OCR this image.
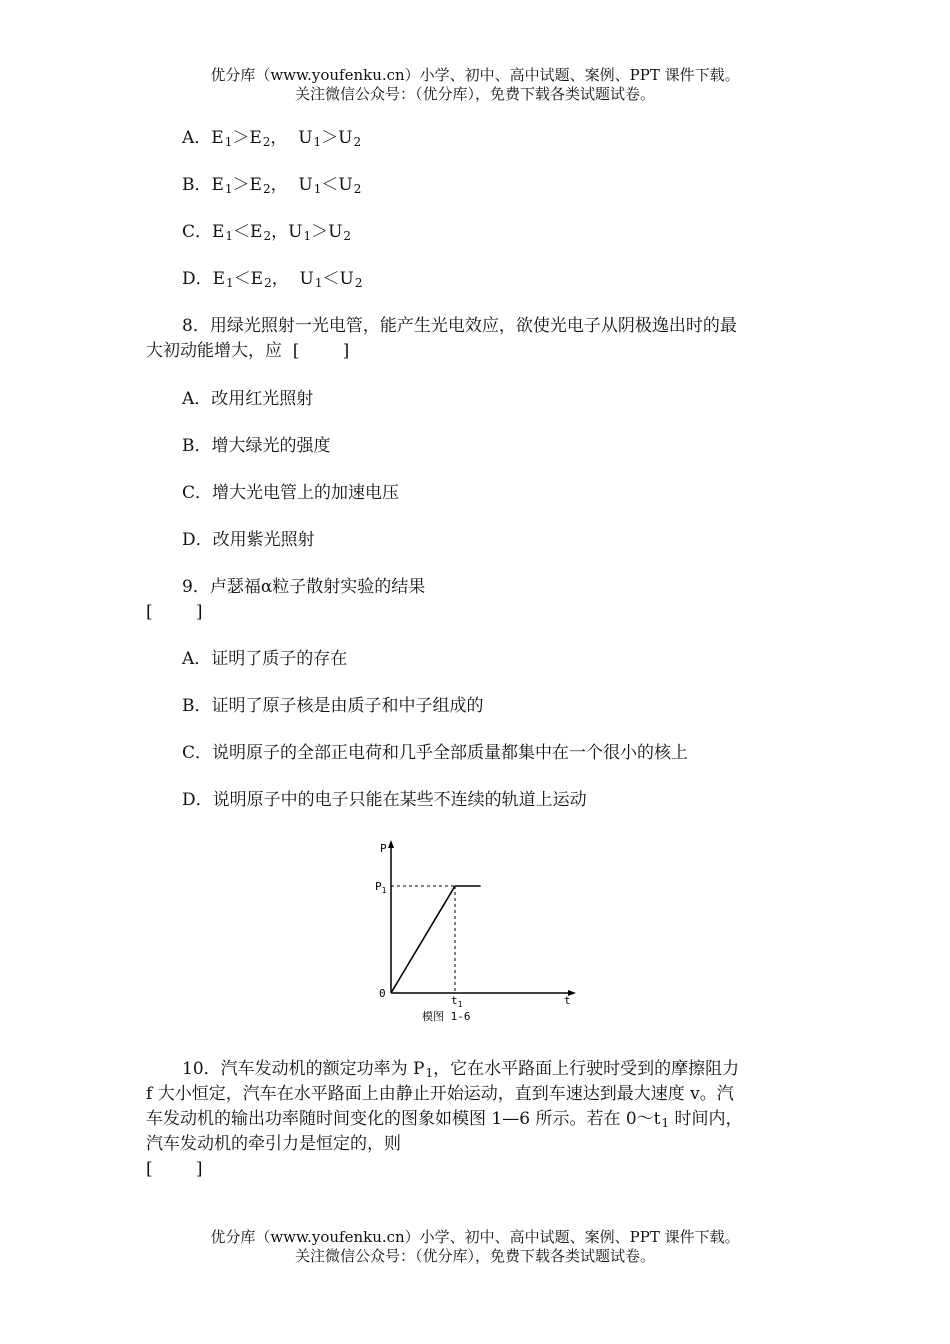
优分库（www.youfenku.cn）小学、初中、高中试题、案例、PPT 课件下载。
关注微信公众号：（优分库），免费下载各类试题试卷。
A．E1＞E2，  U1＞U2
B．E1＞E2，  U1＜U2
C．E1＜E2，U1＞U2
D．E1＜E2，  U1＜U2
8．用绿光照射一光电管，能产生光电效应，欲使光电子从阴极逸出时的最
大初动能增大，应  [        ]
A．改用红光照射
B．增大绿光的强度
C．增大光电管上的加速电压
D．改用紫光照射
9．卢瑟福α粒子散射实验的结果
[        ]
A．证明了质子的存在
B．证明了原子核是由质子和中子组成的
C．说明原子的全部正电荷和几乎全部质量都集中在一个很小的核上
D．说明原子中的电子只能在某些不连续的轨道上运动
P
$P_1$
0
$t_1$	t
模图 1-6
10．汽车发动机的额定功率为 P1，它在水平路面上行驶时受到的摩擦阻力
f 大小恒定，汽车在水平路面上由静止开始运动，直到车速达到最大速度 v。汽
车发动机的输出功率随时间变化的图象如模图 1—6 所示。若在 0～t1 时间内，
汽车发动机的牵引力是恒定的，则
[        ]
优分库（www.youfenku.cn）小学、初中、高中试题、案例、PPT 课件下载。
关注微信公众号：（优分库），免费下载各类试题试卷。
